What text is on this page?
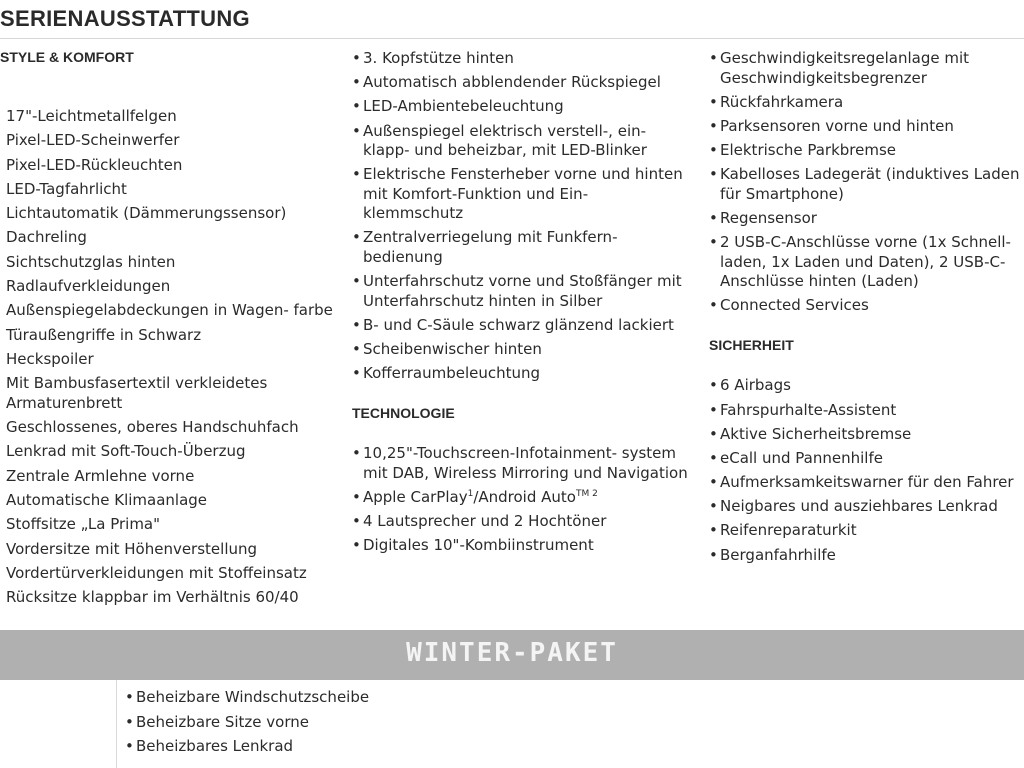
SERIENAUSSTATTUNG
STYLE & KOMFORT
17"-Leichtmetallfelgen
Pixel-LED-Scheinwerfer
Pixel-LED-Rückleuchten
LED-Tagfahrlicht
Lichtautomatik (Dämmerungssensor)
Dachreling
Sichtschutzglas hinten
Radlaufverkleidungen
Außenspiegelabdeckungen in Wagen- farbe
Türaußengriffe in Schwarz
Heckspoiler
Mit Bambusfasertextil verkleidetes Armaturenbrett
Geschlossenes, oberes Handschuhfach
Lenkrad mit Soft-Touch-Überzug
Zentrale Armlehne vorne
Automatische Klimaanlage
Stoffsitze „La Prima"
Vordersitze mit Höhenverstellung
Vordertürverkleidungen mit Stoffeinsatz
Rücksitze klappbar im Verhältnis 60/40
• 3. Kopfstütze hinten
• Automatisch abblendender Rückspiegel
• LED-Ambientebeleuchtung
• Außenspiegel elektrisch verstell-, ein- klapp- und beheizbar, mit LED-Blinker
• Elektrische Fensterheber vorne und hinten mit Komfort-Funktion und Ein- klemmschutz
• Zentralverriegelung mit Funkfern- bedienung
• Unterfahrschutz vorne und Stoßfänger mit Unterfahrschutz hinten in Silber
• B- und C-Säule schwarz glänzend lackiert
• Scheibenwischer hinten
• Kofferraumbeleuchtung
TECHNOLOGIE
• 10,25"-Touchscreen-Infotainment- system mit DAB, Wireless Mirroring und Navigation
• Apple CarPlay$^1$/Android Auto$^{TM 2}$
• 4 Lautsprecher und 2 Hochtöner
• Digitales 10"-Kombiinstrument
• Geschwindigkeitsregelanlage mit Geschwindigkeitsbegrenzer
• Rückfahrkamera
• Parksensoren vorne und hinten
• Elektrische Parkbremse
• Kabelloses Ladegerät (induktives Laden für Smartphone)
• Regensensor
• 2 USB-C-Anschlüsse vorne (1x Schnell- laden, 1x Laden und Daten), 2 USB-C- Anschlüsse hinten (Laden)
• Connected Services
SICHERHEIT
• 6 Airbags
• Fahrspurhalte-Assistent
• Aktive Sicherheitsbremse
• eCall und Pannenhilfe
• Aufmerksamkeitswarner für den Fahrer
• Neigbares und ausziehbares Lenkrad
• Reifenreparaturkit
• Berganfahrhilfe
WINTER-PAKET
• Beheizbare Windschutzscheibe
• Beheizbare Sitze vorne
• Beheizbares Lenkrad
